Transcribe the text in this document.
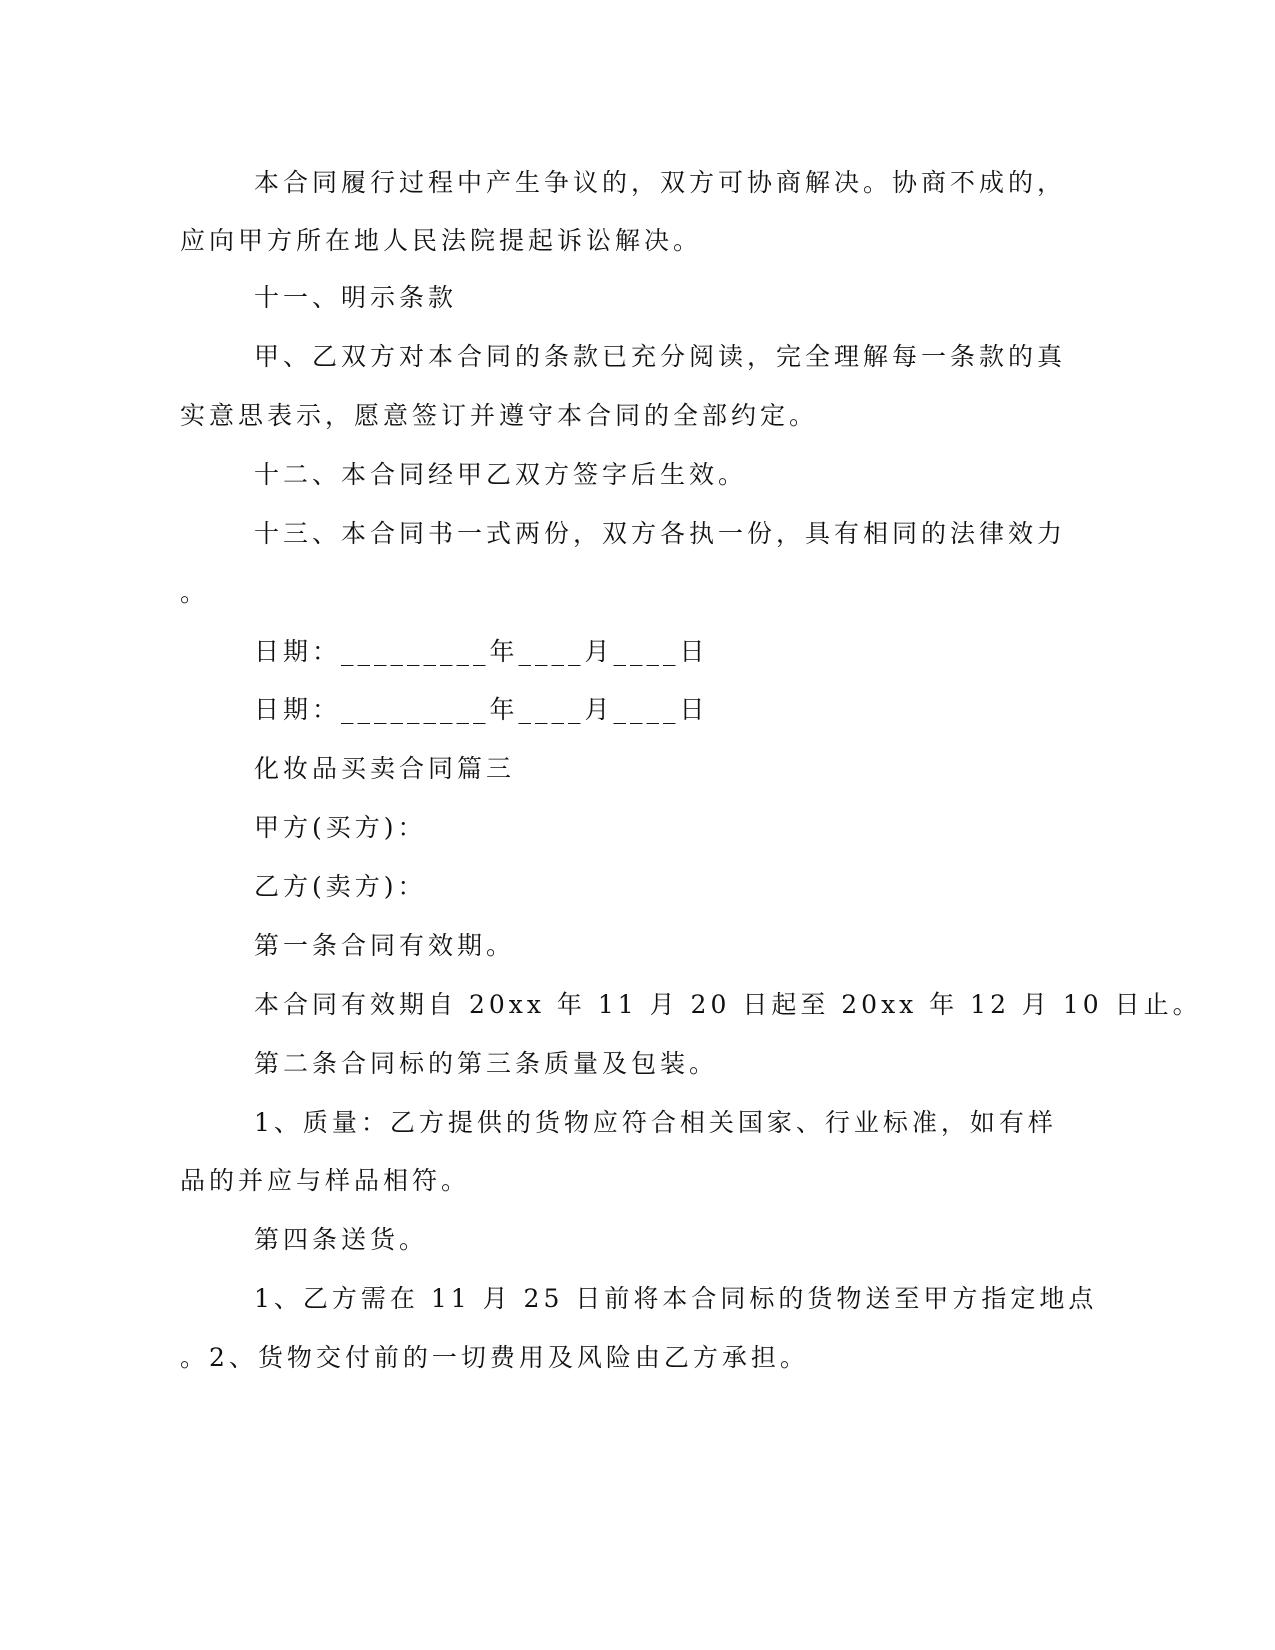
本合同履行过程中产生争议的，双方可协商解决。协商不成的，
应向甲方所在地人民法院提起诉讼解决。
十一、明示条款
甲、乙双方对本合同的条款已充分阅读，完全理解每一条款的真
实意思表示，愿意签订并遵守本合同的全部约定。
十二、本合同经甲乙双方签字后生效。
十三、本合同书一式两份，双方各执一份，具有相同的法律效力
。
日期：_________年____月____日
日期：_________年____月____日
化妆品买卖合同篇三
甲方(买方)：
乙方(卖方)：
第一条合同有效期。
本合同有效期自 20xx 年 11 月 20 日起至 20xx 年 12 月 10 日止。
第二条合同标的第三条质量及包装。
1、质量：乙方提供的货物应符合相关国家、行业标准，如有样
品的并应与样品相符。
第四条送货。
1、乙方需在 11 月 25 日前将本合同标的货物送至甲方指定地点
。2、货物交付前的一切费用及风险由乙方承担。
